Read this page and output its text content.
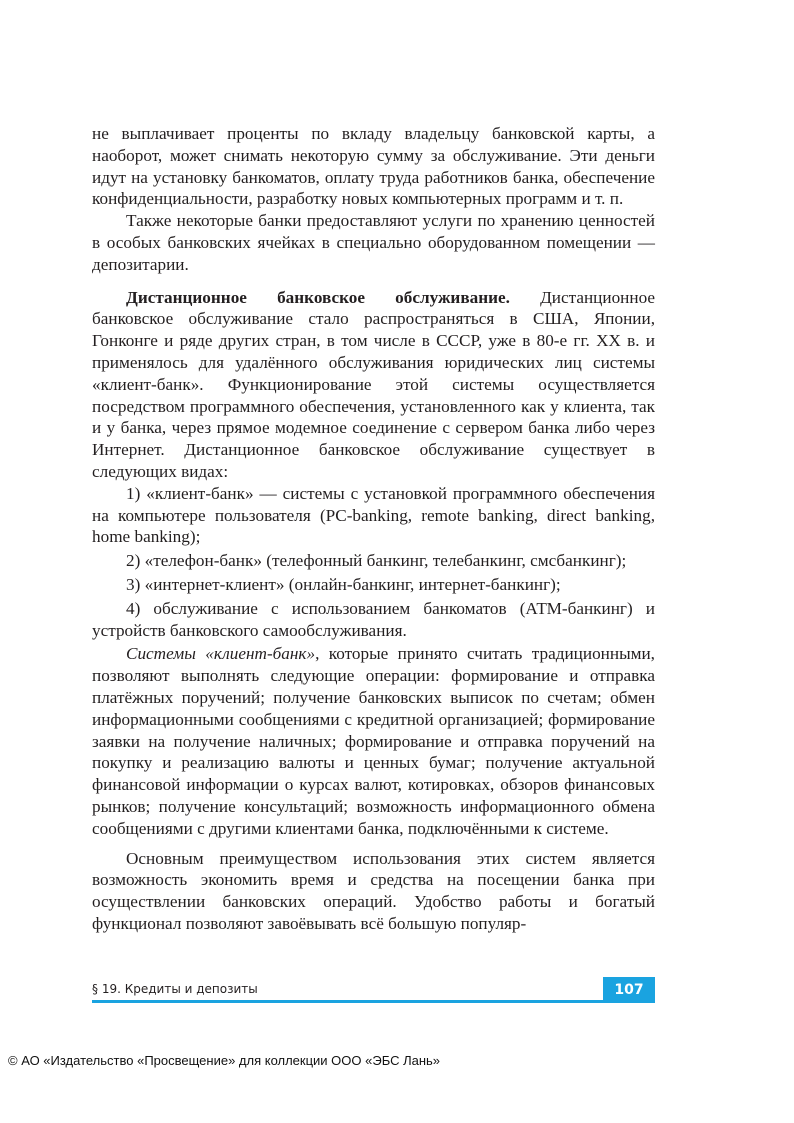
не выплачивает проценты по вкладу владельцу банковской карты, а наоборот, может снимать некоторую сумму за обслуживание. Эти деньги идут на установку банкоматов, оплату труда работников банка, обеспечение конфиденциальности, разработку новых компьютерных программ и т. п.

Также некоторые банки предоставляют услуги по хранению ценностей в особых банковских ячейках в специально оборудованном помещении — депозитарии.

Дистанционное банковское обслуживание. Дистанционное банковское обслуживание стало распространяться в США, Японии, Гонконге и ряде других стран, в том числе в СССР, уже в 80-е гг. XX в. и применялось для удалённого обслуживания юридических лиц системы «клиент-банк». Функционирование этой системы осуществляется посредством программного обеспечения, установленного как у клиента, так и у банка, через прямое модемное соединение с сервером банка либо через Интернет. Дистанционное банковское обслуживание существует в следующих видах:

1) «клиент-банк» — системы с установкой программного обеспечения на компьютере пользователя (PC-banking, remote banking, direct banking, home banking);

2) «телефон-банк» (телефонный банкинг, телебанкинг, смсбанкинг);

3) «интернет-клиент» (онлайн-банкинг, интернет-банкинг);

4) обслуживание с использованием банкоматов (АТМ-банкинг) и устройств банковского самообслуживания.

Системы «клиент-банк», которые принято считать традиционными, позволяют выполнять следующие операции: формирование и отправка платёжных поручений; получение банковских выписок по счетам; обмен информационными сообщениями с кредитной организацией; формирование заявки на получение наличных; формирование и отправка поручений на покупку и реализацию валюты и ценных бумаг; получение актуальной финансовой информации о курсах валют, котировках, обзоров финансовых рынков; получение консультаций; возможность информационного обмена сообщениями с другими клиентами банка, подключёнными к системе.

Основным преимуществом использования этих систем является возможность экономить время и средства на посещении банка при осуществлении банковских операций. Удобство работы и богатый функционал позволяют завоёвывать всё большую популяр-

§ 19. Кредиты и депозиты	107
© АО «Издательство «Просвещение» для коллекции ООО «ЭБС Лань»
